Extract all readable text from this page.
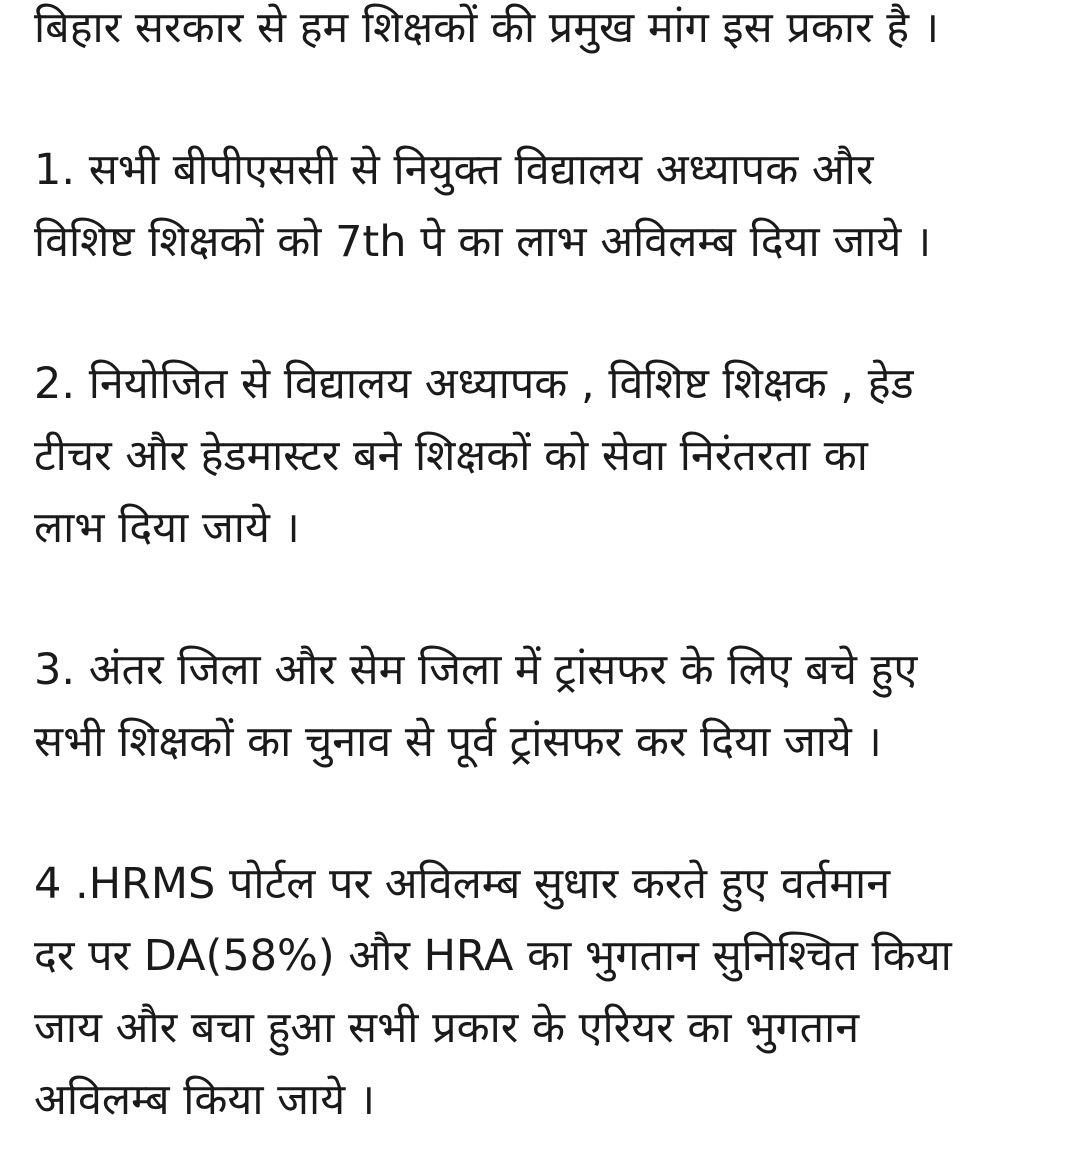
बिहार सरकार से हम शिक्षकों की प्रमुख मांग इस प्रकार है ।
1. सभी बीपीएससी से नियुक्त विद्यालय अध्यापक और
विशिष्ट शिक्षकों को 7th पे का लाभ अविलम्ब दिया जाये ।
2. नियोजित से विद्यालय अध्यापक , विशिष्ट शिक्षक , हेड
टीचर और हेडमास्टर बने शिक्षकों को सेवा निरंतरता का
लाभ दिया जाये ।
3. अंतर जिला और सेम जिला में ट्रांसफर के लिए बचे हुए
सभी शिक्षकों का चुनाव से पूर्व ट्रांसफर कर दिया जाये ।
4 .HRMS पोर्टल पर अविलम्ब सुधार करते हुए वर्तमान
दर पर DA(58%) और HRA का भुगतान सुनिश्चित किया
जाय और बचा हुआ सभी प्रकार के एरियर का भुगतान
अविलम्ब किया जाये ।
